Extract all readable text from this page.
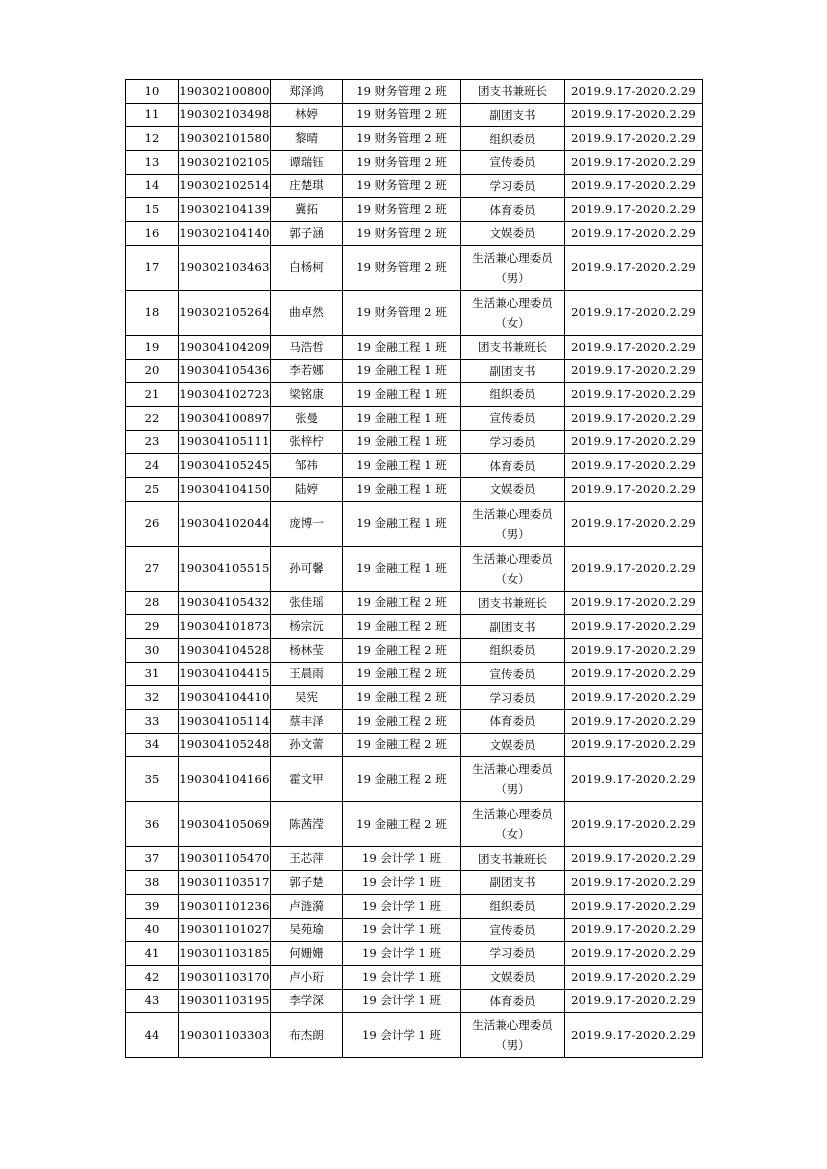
10	190302100800	郑泽鸿	19 财务管理 2 班	团支书兼班长	2019.9.17-2020.2.29
11	190302103498	林婷	19 财务管理 2 班	副团支书	2019.9.17-2020.2.29
12	190302101580	黎晴	19 财务管理 2 班	组织委员	2019.9.17-2020.2.29
13	190302102105	谭瑞钰	19 财务管理 2 班	宣传委员	2019.9.17-2020.2.29
14	190302102514	庄楚琪	19 财务管理 2 班	学习委员	2019.9.17-2020.2.29
15	190302104139	冀拓	19 财务管理 2 班	体育委员	2019.9.17-2020.2.29
16	190302104140	郭子涵	19 财务管理 2 班	文娱委员	2019.9.17-2020.2.29
17	190302103463	白杨柯	19 财务管理 2 班	生活兼心理委员（男）	2019.9.17-2020.2.29
18	190302105264	曲卓然	19 财务管理 2 班	生活兼心理委员（女）	2019.9.17-2020.2.29
19	190304104209	马浩哲	19 金融工程 1 班	团支书兼班长	2019.9.17-2020.2.29
20	190304105436	李若娜	19 金融工程 1 班	副团支书	2019.9.17-2020.2.29
21	190304102723	梁铭康	19 金融工程 1 班	组织委员	2019.9.17-2020.2.29
22	190304100897	张曼	19 金融工程 1 班	宣传委员	2019.9.17-2020.2.29
23	190304105111	张梓柠	19 金融工程 1 班	学习委员	2019.9.17-2020.2.29
24	190304105245	邹祎	19 金融工程 1 班	体育委员	2019.9.17-2020.2.29
25	190304104150	陆婷	19 金融工程 1 班	文娱委员	2019.9.17-2020.2.29
26	190304102044	庞博一	19 金融工程 1 班	生活兼心理委员（男）	2019.9.17-2020.2.29
27	190304105515	孙可馨	19 金融工程 1 班	生活兼心理委员（女）	2019.9.17-2020.2.29
28	190304105432	张佳瑶	19 金融工程 2 班	团支书兼班长	2019.9.17-2020.2.29
29	190304101873	杨宗沅	19 金融工程 2 班	副团支书	2019.9.17-2020.2.29
30	190304104528	杨林莹	19 金融工程 2 班	组织委员	2019.9.17-2020.2.29
31	190304104415	王晨雨	19 金融工程 2 班	宣传委员	2019.9.17-2020.2.29
32	190304104410	吴宪	19 金融工程 2 班	学习委员	2019.9.17-2020.2.29
33	190304105114	蔡丰泽	19 金融工程 2 班	体育委员	2019.9.17-2020.2.29
34	190304105248	孙文蕾	19 金融工程 2 班	文娱委员	2019.9.17-2020.2.29
35	190304104166	霍文甲	19 金融工程 2 班	生活兼心理委员（男）	2019.9.17-2020.2.29
36	190304105069	陈茜滢	19 金融工程 2 班	生活兼心理委员（女）	2019.9.17-2020.2.29
37	190301105470	王芯萍	19 会计学 1 班	团支书兼班长	2019.9.17-2020.2.29
38	190301103517	郭子楚	19 会计学 1 班	副团支书	2019.9.17-2020.2.29
39	190301101236	卢涟漪	19 会计学 1 班	组织委员	2019.9.17-2020.2.29
40	190301101027	吴苑瑜	19 会计学 1 班	宣传委员	2019.9.17-2020.2.29
41	190301103185	何姗姗	19 会计学 1 班	学习委员	2019.9.17-2020.2.29
42	190301103170	卢小珩	19 会计学 1 班	文娱委员	2019.9.17-2020.2.29
43	190301103195	李学深	19 会计学 1 班	体育委员	2019.9.17-2020.2.29
44	190301103303	布杰朗	19 会计学 1 班	生活兼心理委员（男）	2019.9.17-2020.2.29
